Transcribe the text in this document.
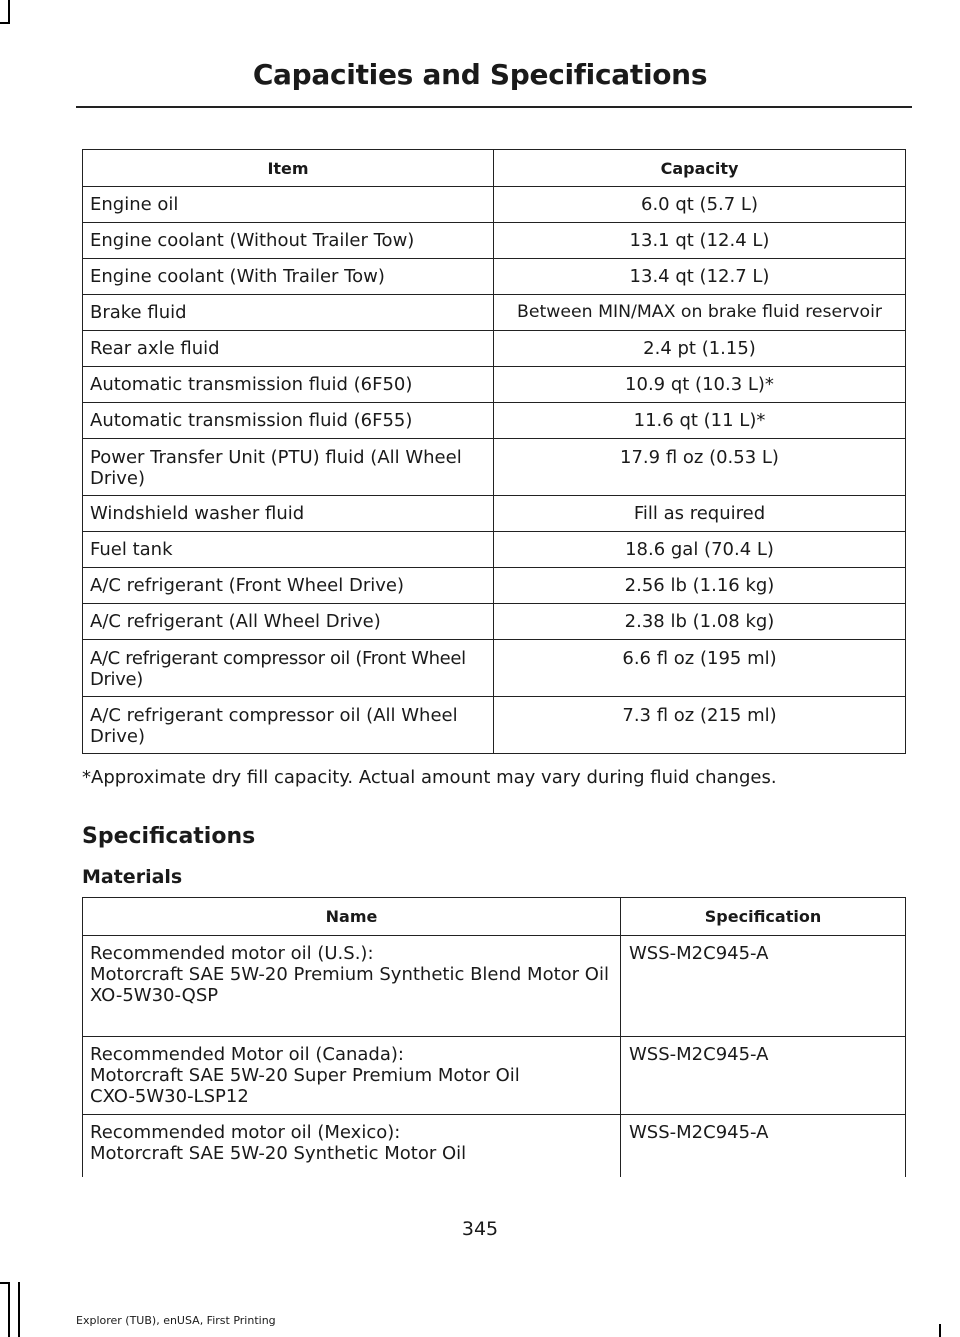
Capacities and Specifications
Item	Capacity
Engine oil	6.0 qt (5.7 L)
Engine coolant (Without Trailer Tow)	13.1 qt (12.4 L)
Engine coolant (With Trailer Tow)	13.4 qt (12.7 L)
Brake fluid	Between MIN/MAX on brake fluid reservoir
Rear axle fluid	2.4 pt (1.15)
Automatic transmission fluid (6F50)	10.9 qt (10.3 L)*
Automatic transmission fluid (6F55)	11.6 qt (11 L)*
Power Transfer Unit (PTU) fluid (All Wheel Drive)	17.9 fl oz (0.53 L)
Windshield washer fluid	Fill as required
Fuel tank	18.6 gal (70.4 L)
A/C refrigerant (Front Wheel Drive)	2.56 lb (1.16 kg)
A/C refrigerant (All Wheel Drive)	2.38 lb (1.08 kg)
A/C refrigerant compressor oil (Front Wheel Drive)	6.6 fl oz (195 ml)
A/C refrigerant compressor oil (All Wheel Drive)	7.3 fl oz (215 ml)
*Approximate dry fill capacity. Actual amount may vary during fluid changes.
Specifications
Materials
Name	Specification

Recommended motor oil (U.S.):
Motorcraft SAE 5W-20 Premium Synthetic Blend Motor Oil
XO-5W30-QSP	WSS-M2C945-A

Recommended Motor oil (Canada):
Motorcraft SAE 5W-20 Super Premium Motor Oil
CXO-5W30-LSP12	WSS-M2C945-A

Recommended motor oil (Mexico):
Motorcraft SAE 5W-20 Synthetic Motor Oil	WSS-M2C945-A
345
Explorer (TUB), enUSA, First Printing
